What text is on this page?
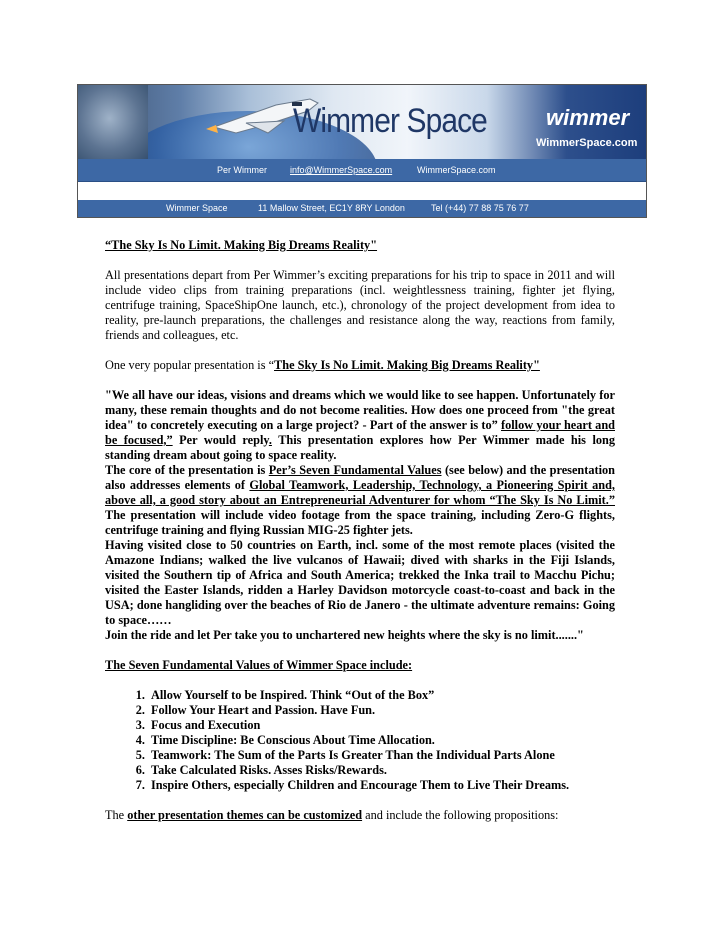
Wimmer Space	wimmer
WimmerSpace.com
Per Wimmer	info@WimmerSpace.com	WimmerSpace.com
Wimmer Space	11 Mallow Street, EC1Y 8RY London	Tel (+44) 77 88 75 76 77

“The Sky Is No Limit. Making Big Dreams Reality"

All presentations depart from Per Wimmer’s exciting preparations for his trip to space in 2011 and will include video clips from training preparations (incl. weightlessness training, fighter jet flying, centrifuge training, SpaceShipOne launch, etc.), chronology of the project development from idea to reality, pre-launch preparations, the challenges and resistance along the way, reactions from family, friends and colleagues, etc.

One very popular presentation is “The Sky Is No Limit. Making Big Dreams Reality"

"We all have our ideas, visions and dreams which we would like to see happen. Unfortunately for many, these remain thoughts and do not become realities. How does one proceed from "the great idea" to concretely executing on a large project? - Part of the answer is to” follow your heart and be focused,” Per would reply. This presentation explores how Per Wimmer made his long standing dream about going to space reality.

The core of the presentation is Per’s Seven Fundamental Values (see below) and the presentation also addresses elements of Global Teamwork, Leadership, Technology, a Pioneering Spirit and, above all, a good story about an Entrepreneurial Adventurer for whom “The Sky Is No Limit.” The presentation will include video footage from the space training, including Zero-G flights, centrifuge training and flying Russian MIG-25 fighter jets.

Having visited close to 50 countries on Earth, incl. some of the most remote places (visited the Amazone Indians; walked the live vulcanos of Hawaii; dived with sharks in the Fiji Islands, visited the Southern tip of Africa and South America; trekked the Inka trail to Macchu Pichu; visited the Easter Islands, ridden a Harley Davidson motorcycle coast-to-coast and back in the USA; done hangliding over the beaches of Rio de Janero - the ultimate adventure remains: Going to space……

Join the ride and let Per take you to unchartered new heights where the sky is no limit......."

The Seven Fundamental Values of Wimmer Space include:

1. Allow Yourself to be Inspired. Think “Out of the Box”
2. Follow Your Heart and Passion. Have Fun.
3. Focus and Execution
4. Time Discipline: Be Conscious About Time Allocation.
5. Teamwork: The Sum of the Parts Is Greater Than the Individual Parts Alone
6. Take Calculated Risks. Asses Risks/Rewards.
7. Inspire Others, especially Children and Encourage Them to Live Their Dreams.

The other presentation themes can be customized and include the following propositions:
